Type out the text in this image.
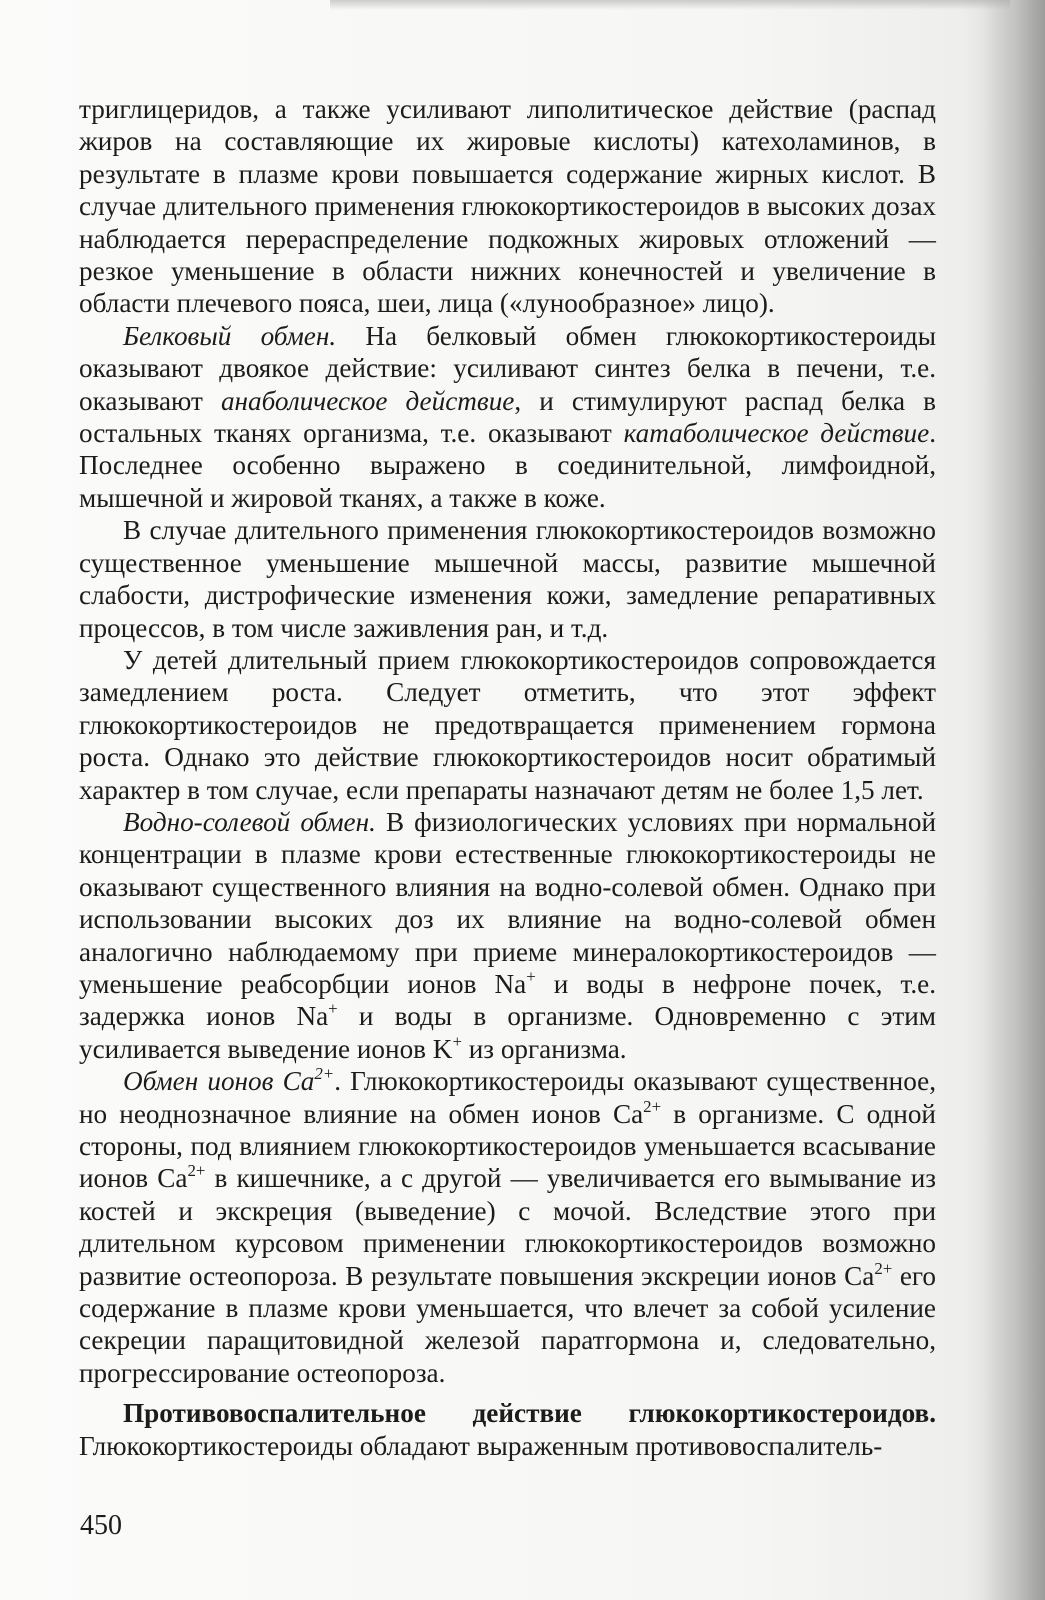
триглицеридов, а также усиливают липолитическое действие (распад жиров на составляющие их жировые кислоты) катехоламинов, в результате в плазме крови повышается содержание жирных кислот. В случае длительного применения глюкокортикостероидов в высоких дозах наблюдается перераспределение подкожных жировых отложений — резкое уменьшение в области нижних конечностей и увеличение в области плечевого пояса, шеи, лица («лунообразное» лицо).

Белковый обмен. На белковый обмен глюкокортикостероиды оказывают двоякое действие: усиливают синтез белка в печени, т.е. оказывают анаболическое действие, и стимулируют распад белка в остальных тканях организма, т.е. оказывают катаболическое действие. Последнее особенно выражено в соединительной, лимфоидной, мышечной и жировой тканях, а также в коже.

В случае длительного применения глюкокортикостероидов возможно существенное уменьшение мышечной массы, развитие мышечной слабости, дистрофические изменения кожи, замедление репаративных процессов, в том числе заживления ран, и т.д.

У детей длительный прием глюкокортикостероидов сопровождается замедлением роста. Следует отметить, что этот эффект глюкокортикостероидов не предотвращается применением гормона роста. Однако это действие глюкокортикостероидов носит обратимый характер в том случае, если препараты назначают детям не более 1,5 лет.

Водно-солевой обмен. В физиологических условиях при нормальной концентрации в плазме крови естественные глюкокортикостероиды не оказывают существенного влияния на водно-солевой обмен. Однако при использовании высоких доз их влияние на водно-солевой обмен аналогично наблюдаемому при приеме минералокортикостероидов — уменьшение реабсорбции ионов Na+ и воды в нефроне почек, т.е. задержка ионов Na+ и воды в организме. Одновременно с этим усиливается выведение ионов K+ из организма.

Обмен ионов $Ca^{2+}$. Глюкокортикостероиды оказывают существенное, но неоднозначное влияние на обмен ионов $Ca^{2+}$ в организме. С одной стороны, под влиянием глюкокортикостероидов уменьшается всасывание ионов $Ca^{2+}$ в кишечнике, а с другой — увеличивается его вымывание из костей и экскреция (выведение) с мочой. Вследствие этого при длительном курсовом применении глюкокортикостероидов возможно развитие остеопороза. В результате повышения экскреции ионов $Ca^{2+}$ его содержание в плазме крови уменьшается, что влечет за собой усиление секреции паращитовидной железой паратгормона и, следовательно, прогрессирование остеопороза.

Противовоспалительное действие глюкокортикостероидов. Глюкокортикостероиды обладают выраженным противовоспалитель-

450
